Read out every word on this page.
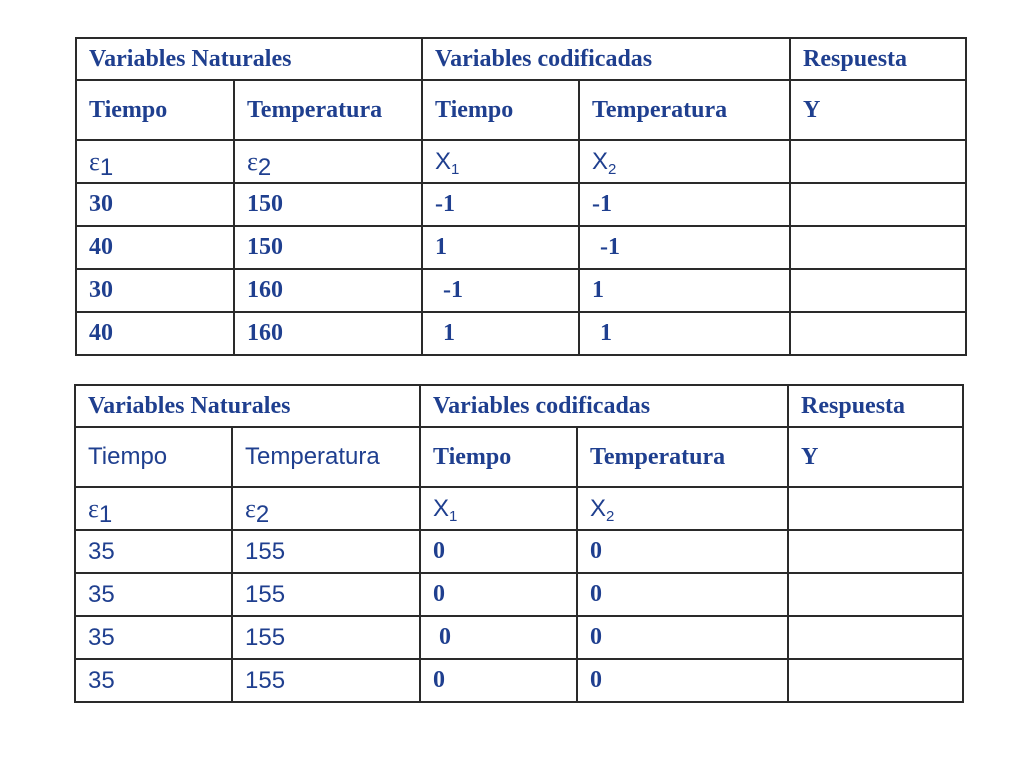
Variables Naturales		Variables codificadas		Respuesta
Tiempo	Temperatura	Tiempo	Temperatura	Y
$\varepsilon_1$	$\varepsilon_2$	$X_1$	$X_2$	
30	150	-1	-1	
40	150	1	-1	
30	160	-1	1	
40	160	1	1	
Variables Naturales		Variables codificadas		Respuesta
Tiempo	Temperatura	Tiempo	Temperatura	Y
$\varepsilon_1$	$\varepsilon_2$	$X_1$	$X_2$	
35	155	0	0	
35	155	0	0	
35	155	0	0	
35	155	0	0	
